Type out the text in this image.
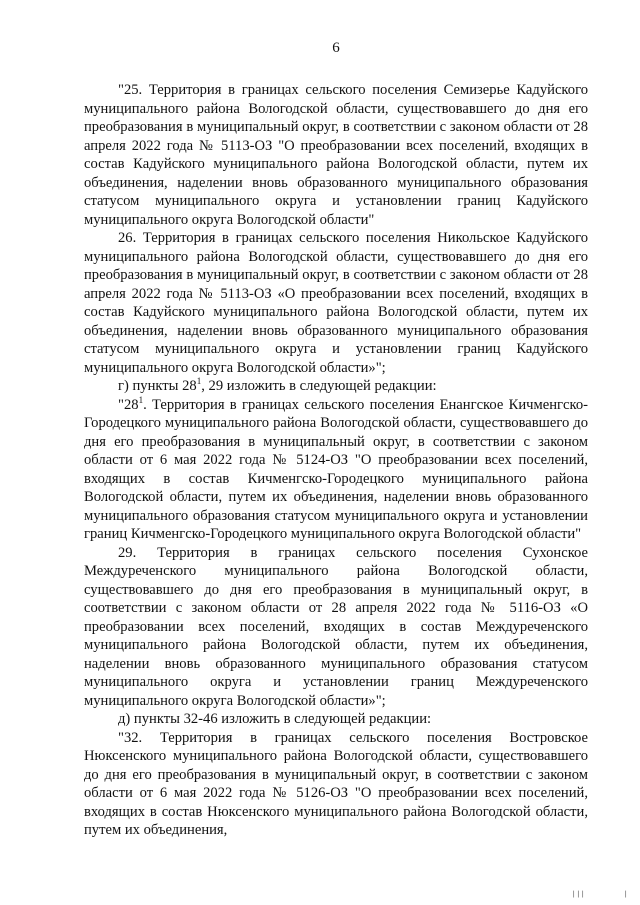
6

"25. Территория в границах сельского поселения Семизерье Кадуйского муниципального района Вологодской области, существовавшего до дня его преобразования в муниципальный округ, в соответствии с законом области от 28 апреля 2022 года № 5113-ОЗ "О преобразовании всех поселений, входящих в состав Кадуйского муниципального района Вологодской области, путем их объединения, наделении вновь образованного муниципального образования статусом муниципального округа и установлении границ Кадуйского муниципального округа Вологодской области"

26. Территория в границах сельского поселения Никольское Кадуйского муниципального района Вологодской области, существовавшего до дня его преобразования в муниципальный округ, в соответствии с законом области от 28 апреля 2022 года № 5113-ОЗ «О преобразовании всех поселений, входящих в состав Кадуйского муниципального района Вологодской области, путем их объединения, наделении вновь образованного муниципального образования статусом муниципального округа и установлении границ Кадуйского муниципального округа Вологодской области»";

г) пункты $28^1$, 29 изложить в следующей редакции:

"$28^1$. Территория в границах сельского поселения Енангское Кичменгско-Городецкого муниципального района Вологодской области, существовавшего до дня его преобразования в муниципальный округ, в соответствии с законом области от 6 мая 2022 года № 5124-ОЗ "О преобразовании всех поселений, входящих в состав Кичменгско-Городецкого муниципального района Вологодской области, путем их объединения, наделении вновь образованного муниципального образования статусом муниципального округа и установлении границ Кичменгско-Городецкого муниципального округа Вологодской области"

29. Территория в границах сельского поселения Сухонское Междуреченского муниципального района Вологодской области, существовавшего до дня его преобразования в муниципальный округ, в соответствии с законом области от 28 апреля 2022 года № 5116-ОЗ «О преобразовании всех поселений, входящих в состав Междуреченского муниципального района Вологодской области, путем их объединения, наделении вновь образованного муниципального образования статусом муниципального округа и установлении границ Междуреченского муниципального округа Вологодской области»";

д) пункты 32-46 изложить в следующей редакции:

"32. Территория в границах сельского поселения Востровское Нюксенского муниципального района Вологодской области, существовавшего до дня его преобразования в муниципальный округ, в соответствии с законом области от 6 мая 2022 года № 5126-ОЗ "О преобразовании всех поселений, входящих в состав Нюксенского муниципального района Вологодской области, путем их объединения,

∣∣∣	∣
